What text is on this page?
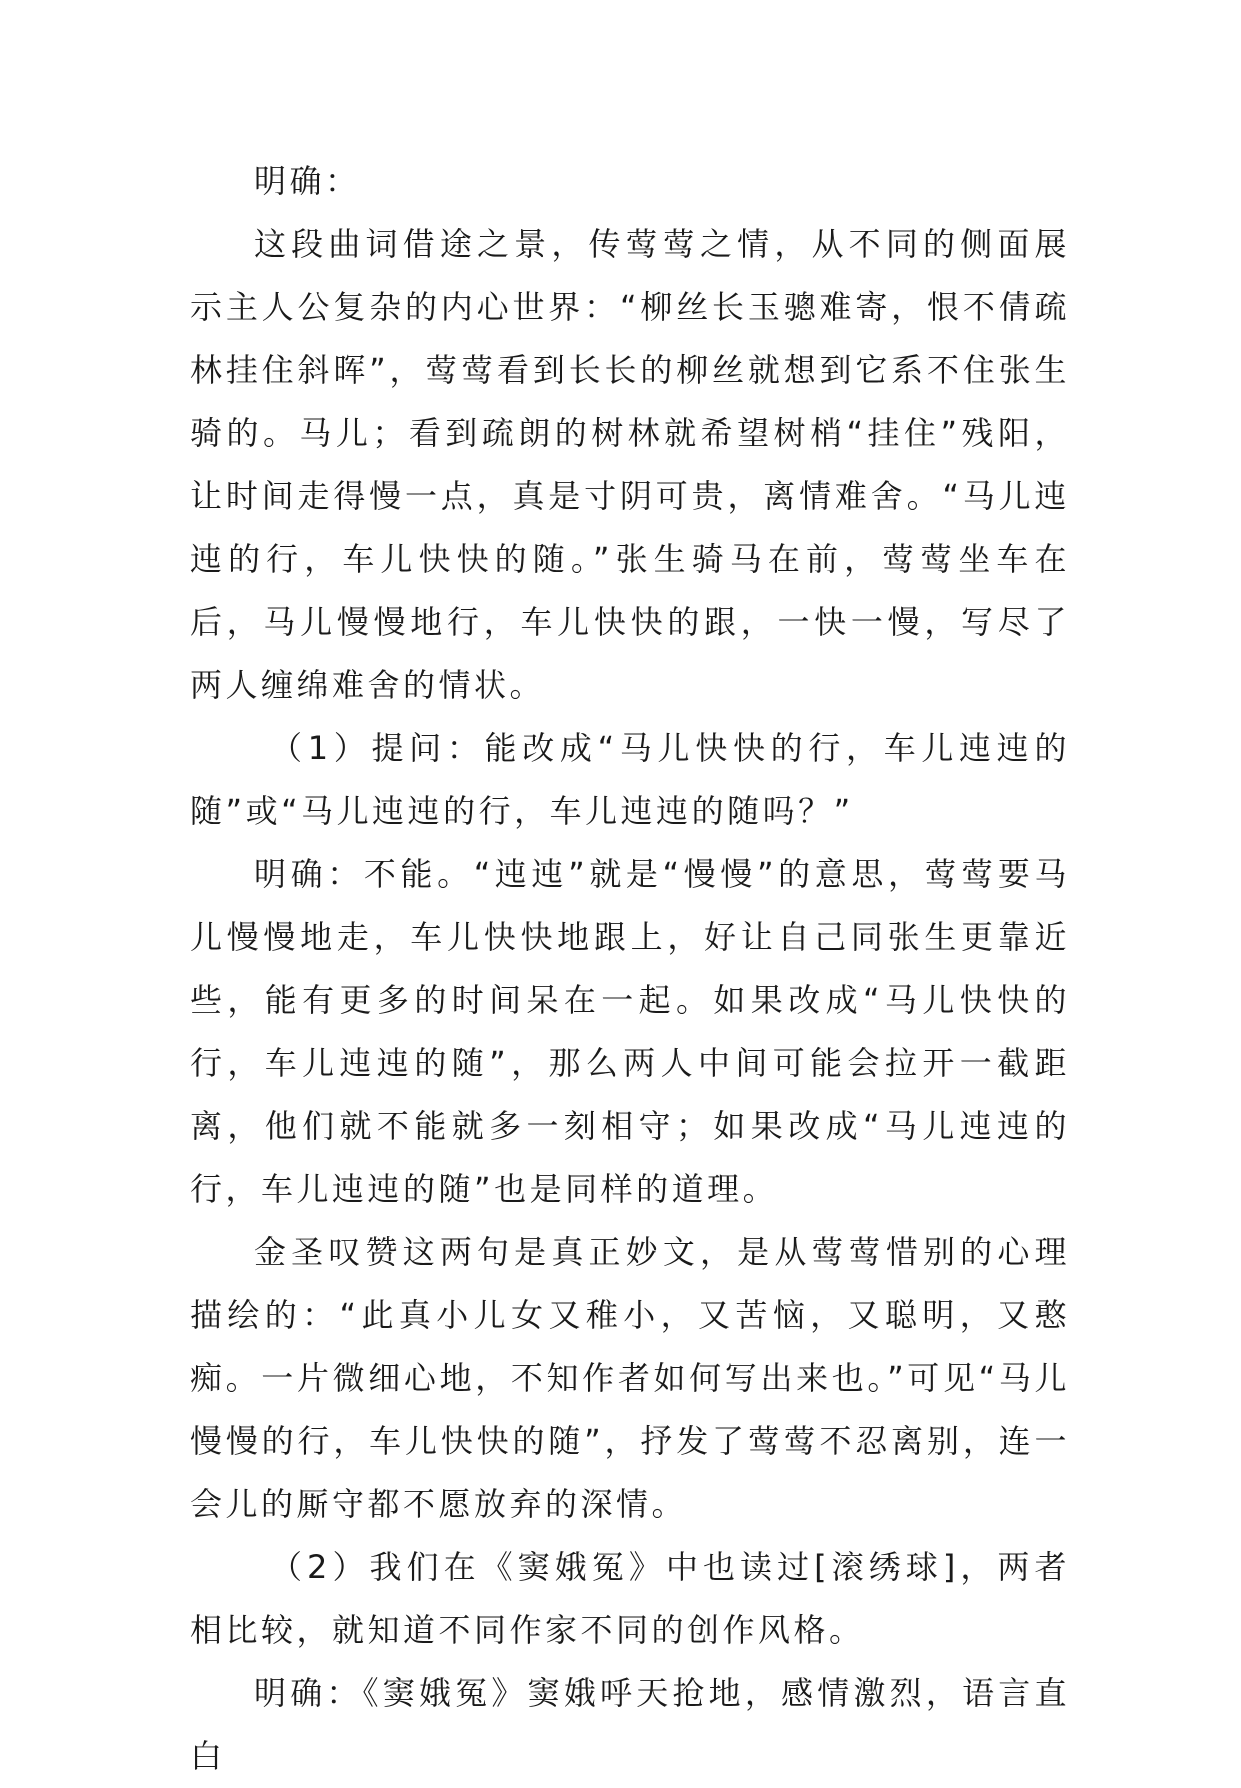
明确：

这段曲词借途之景，传莺莺之情，从不同的侧面展示主人公复杂的内心世界：“柳丝长玉骢难寄，恨不倩疏林挂住斜晖”，莺莺看到长长的柳丝就想到它系不住张生骑的。马儿；看到疏朗的树林就希望树梢“挂住”残阳，让时间走得慢一点，真是寸阴可贵，离情难舍。“马儿迍迍的行，车儿快快的随。”张生骑马在前，莺莺坐车在后，马儿慢慢地行，车儿快快的跟，一快一慢，写尽了两人缠绵难舍的情状。

（1）提问：能改成“马儿快快的行，车儿迍迍的随”或“马儿迍迍的行，车儿迍迍的随吗？”

明确：不能。“迍迍”就是“慢慢”的意思，莺莺要马儿慢慢地走，车儿快快地跟上，好让自己同张生更靠近些，能有更多的时间呆在一起。如果改成“马儿快快的行，车儿迍迍的随”，那么两人中间可能会拉开一截距离，他们就不能就多一刻相守；如果改成“马儿迍迍的行，车儿迍迍的随”也是同样的道理。

金圣叹赞这两句是真正妙文，是从莺莺惜别的心理描绘的：“此真小儿女又稚小，又苦恼，又聪明，又憨痴。一片微细心地，不知作者如何写出来也。”可见“马儿慢慢的行，车儿快快的随”，抒发了莺莺不忍离别，连一会儿的厮守都不愿放弃的深情。

（2）我们在《窦娥冤》中也读过[滚绣球]，两者相比较，就知道不同作家不同的创作风格。

明确：《窦娥冤》窦娥呼天抢地，感情激烈，语言直白
